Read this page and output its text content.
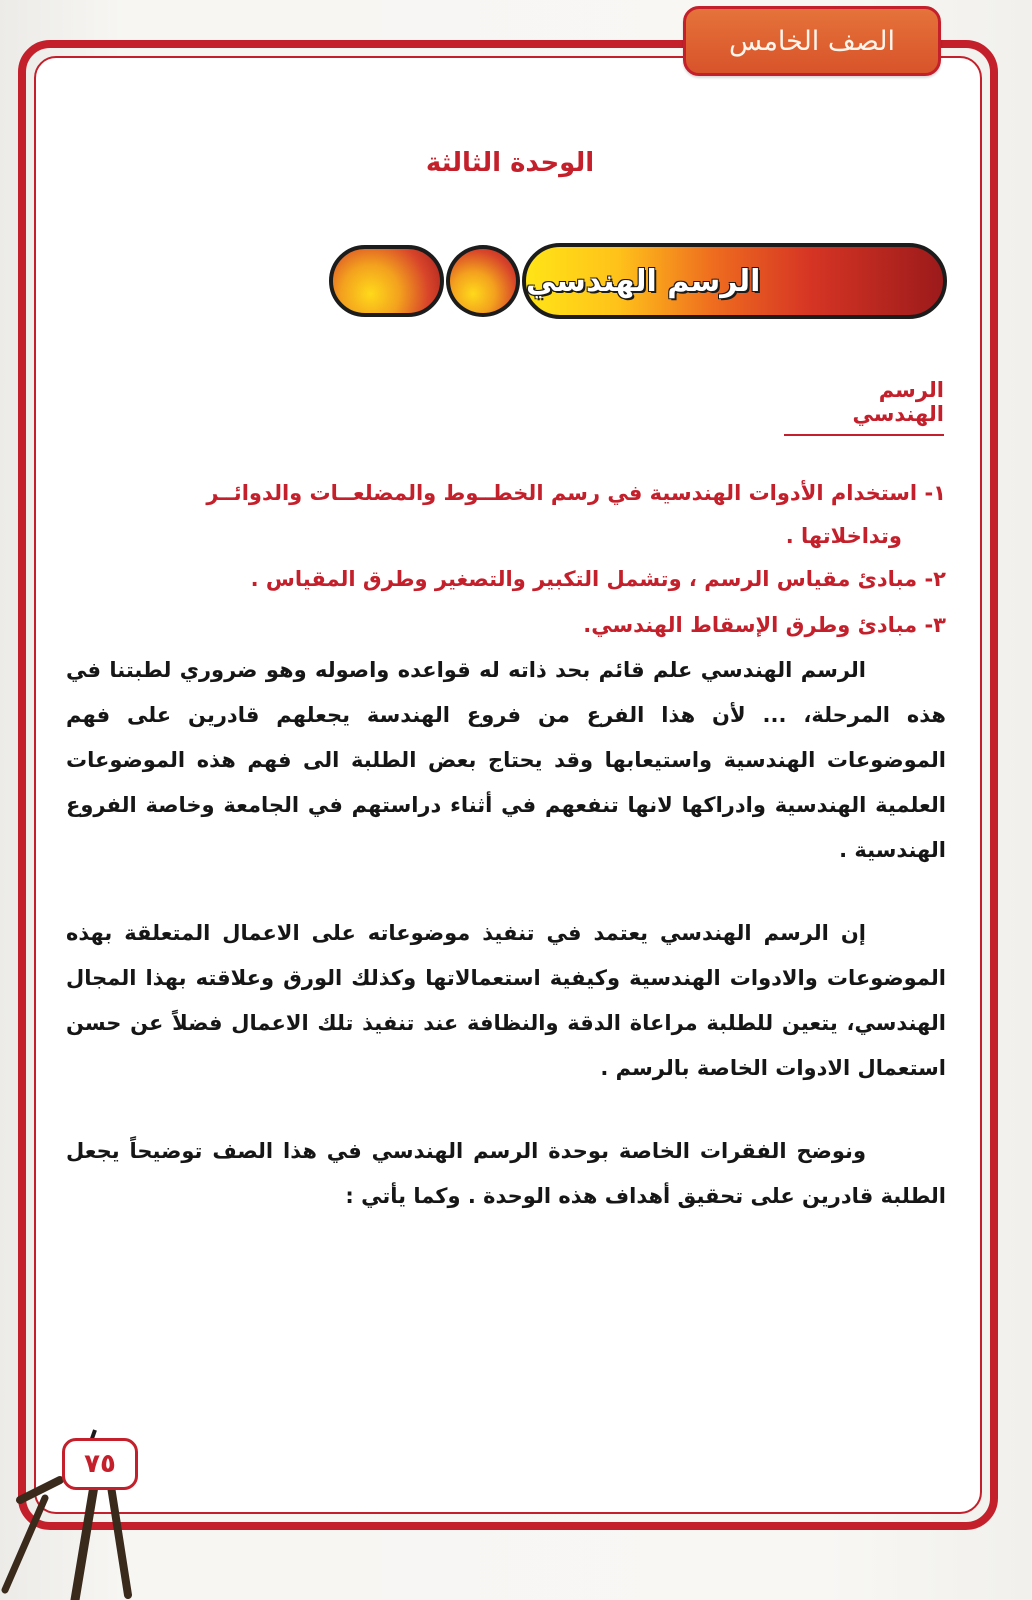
الصف الخامس
الوحدة الثالثة
الرسم الهندسي
الرسم الهندسي

١- استخدام الأدوات الهندسية في رسم الخطــوط والمضلعــات والدوائــر

وتداخلاتها .

٢- مبادئ مقياس الرسم ، وتشمل التكبير والتصغير وطرق المقياس .

٣- مبادئ وطرق الإسقاط الهندسي.

الرسم الهندسي علم قائم بحد ذاته له قواعده واصوله وهو ضروري لطبتنا في هذه المرحلة، ... لأن هذا الفرع من فروع الهندسة يجعلهم قادرين على فهم الموضوعات الهندسية واستيعابها وقد يحتاج بعض الطلبة الى فهم هذه الموضوعات العلمية الهندسية وادراكها لانها تنفعهم في أثناء دراستهم في الجامعة وخاصة الفروع الهندسية .

إن الرسم الهندسي يعتمد في تنفيذ موضوعاته على الاعمال المتعلقة بهذه الموضوعات والادوات الهندسية وكيفية استعمالاتها وكذلك الورق وعلاقته بهذا المجال الهندسي، يتعين للطلبة مراعاة الدقة والنظافة عند تنفيذ تلك الاعمال فضلاً عن حسن استعمال الادوات الخاصة بالرسم .

ونوضح الفقرات الخاصة بوحدة الرسم الهندسي في هذا الصف توضيحاً يجعل الطلبة قادرين على تحقيق أهداف هذه الوحدة . وكما يأتي :

٧٥
